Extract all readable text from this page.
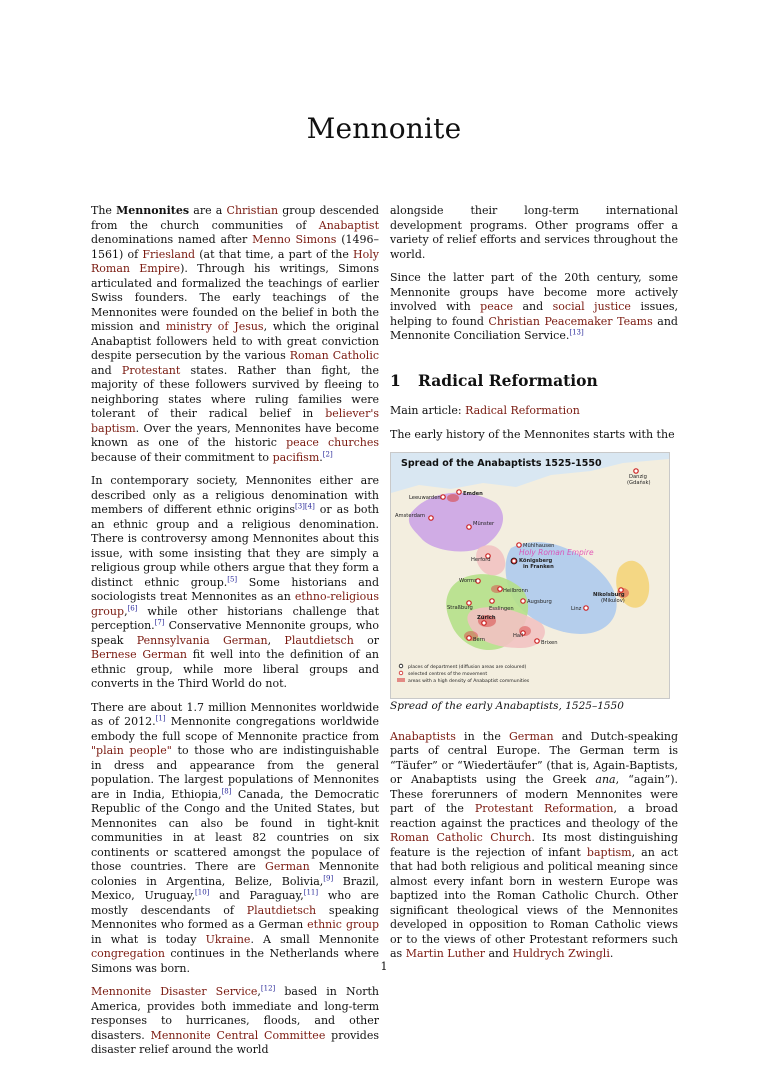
Mennonite

The Mennonites are a Christian group descended from the church communities of Anabaptist denominations named after Menno Simons (1496–1561) of Friesland (at that time, a part of the Holy Roman Empire). Through his writings, Simons articulated and formalized the teachings of earlier Swiss founders. The early teachings of the Mennonites were founded on the belief in both the mission and ministry of Jesus, which the original Anabaptist followers held to with great conviction despite persecution by the various Roman Catholic and Protestant states. Rather than fight, the majority of these followers survived by fleeing to neighboring states where ruling families were tolerant of their radical belief in believer's baptism. Over the years, Mennonites have become known as one of the historic peace churches because of their commitment to pacifism.[2]

In contemporary society, Mennonites either are described only as a religious denomination with members of different ethnic origins[3][4] or as both an ethnic group and a religious denomination. There is controversy among Mennonites about this issue, with some insisting that they are simply a religious group while others argue that they form a distinct ethnic group.[5] Some historians and sociologists treat Mennonites as an ethno-religious group,[6] while other historians challenge that perception.[7] Conservative Mennonite groups, who speak Pennsylvania German, Plautdietsch or Bernese German fit well into the definition of an ethnic group, while more liberal groups and converts in the Third World do not.

There are about 1.7 million Mennonites worldwide as of 2012.[1] Mennonite congregations worldwide embody the full scope of Mennonite practice from "plain people" to those who are indistinguishable in dress and appearance from the general population. The largest populations of Mennonites are in India, Ethiopia,[8] Canada, the Democratic Republic of the Congo and the United States, but Mennonites can also be found in tight-knit communities in at least 82 countries on six continents or scattered amongst the populace of those countries. There are German Mennonite colonies in Argentina, Belize, Bolivia,[9] Brazil, Mexico, Uruguay,[10] and Paraguay,[11] who are mostly descendants of Plautdietsch speaking Mennonites who formed as a German ethnic group in what is today Ukraine. A small Mennonite congregation continues in the Netherlands where Simons was born.

Mennonite Disaster Service,[12] based in North America, provides both immediate and long-term responses to hurricanes, floods, and other disasters. Mennonite Central Committee provides disaster relief around the world

alongside their long-term international development programs. Other programs offer a variety of relief efforts and services throughout the world.

Since the latter part of the 20th century, some Mennonite groups have become more actively involved with peace and social justice issues, helping to found Christian Peacemaker Teams and Mennonite Conciliation Service.[13]

1	Radical Reformation

Main article: Radical Reformation

The early history of the Mennonites starts with the

Danzig
(Gdańsk)
Leeuwarden
Emden
Amsterdam
Münster
Mühlhausen
Herford	Königsberg
in Franken
Worms
Heilbronn
Nikolsburg
(Mikulov)
Straßburg	Esslingen
Augsburg
Linz
Zürich
Hall
Bern	Brixen
Holy Roman Empire
places of department (diffusion areas are coloured)
selected centres of the movement
areas with a high density of Anabaptist communities
Spread of the Anabaptists 1525-1550

Spread of the early Anabaptists, 1525–1550

Anabaptists in the German and Dutch-speaking parts of central Europe. The German term is “Täufer” or “Wiedertäufer” (that is, Again-Baptists, or Anabaptists using the Greek ana, “again”). These forerunners of modern Mennonites were part of the Protestant Reformation, a broad reaction against the practices and theology of the Roman Catholic Church. Its most distinguishing feature is the rejection of infant baptism, an act that had both religious and political meaning since almost every infant born in western Europe was baptized into the Roman Catholic Church. Other significant theological views of the Mennonites developed in opposition to Roman Catholic views or to the views of other Protestant reformers such as Martin Luther and Huldrych Zwingli.

1
